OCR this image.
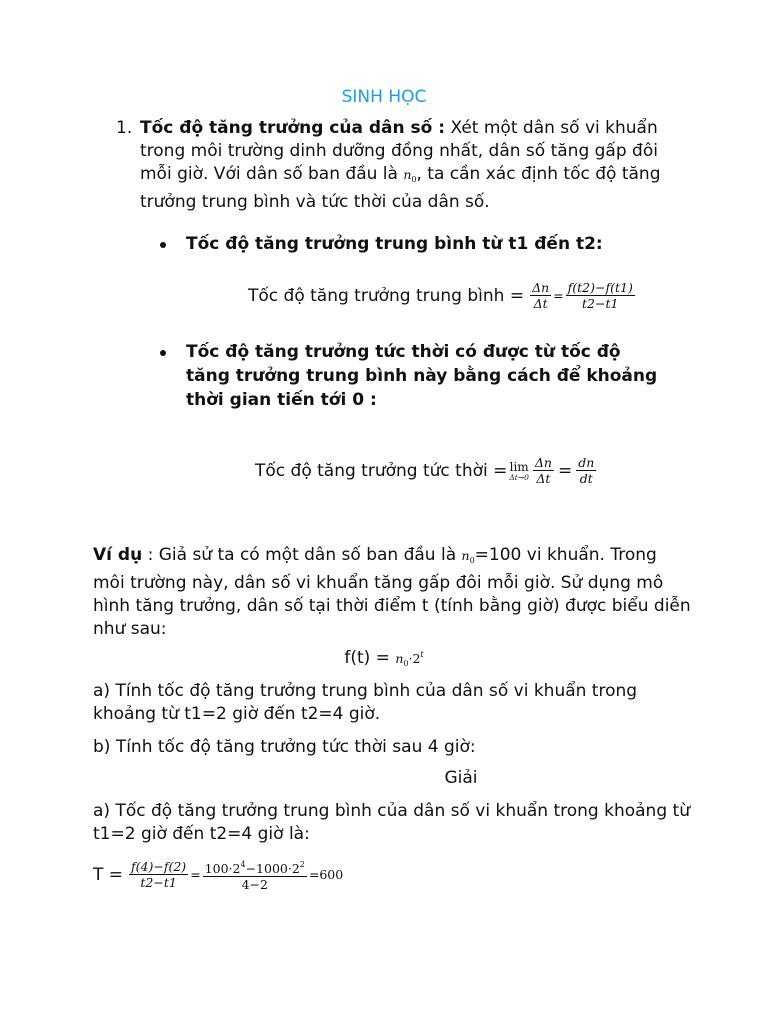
SINH HỌC
1. Tốc độ tăng trưởng của dân số : Xét một dân số vi khuẩn trong môi trường dinh dưỡng đồng nhất, dân số tăng gấp đôi mỗi giờ. Với dân số ban đầu là $n_0$, ta cần xác định tốc độ tăng trưởng trung bình và tức thời của dân số.
Tốc độ tăng trưởng trung bình từ t1 đến t2:
Tốc độ tăng trưởng trung bình = $\frac{\Delta n}{\Delta t} = \frac{f(t2)-f(t1)}{t2-t1}$
Tốc độ tăng trưởng tức thời có được từ tốc độ tăng trưởng trung bình này bằng cách để khoảng thời gian tiến tới 0 :
Tốc độ tăng trưởng tức thời = lim
$\Delta t\to 0 \frac{\Delta n}{\Delta t} = \frac{dn}{dt}$
Ví dụ : Giả sử ta có một dân số ban đầu là $n_0=100$ vi khuẩn. Trong môi trường này, dân số vi khuẩn tăng gấp đôi mỗi giờ. Sử dụng mô hình tăng trưởng, dân số tại thời điểm t (tính bằng giờ) được biểu diễn như sau:
$f(t) = n_0\cdot 2^t$
a) Tính tốc độ tăng trưởng trung bình của dân số vi khuẩn trong khoảng từ t1=2 giờ đến t2=4 giờ.
b) Tính tốc độ tăng trưởng tức thời sau 4 giờ:
Giải
a) Tốc độ tăng trưởng trung bình của dân số vi khuẩn trong khoảng từ t1=2 giờ đến t2=4 giờ là:
$T = \frac{f(4)-f(2)}{t2-t1} = \frac{100\cdot 2^4-1000\cdot 2^2}{4-2} = 600$
